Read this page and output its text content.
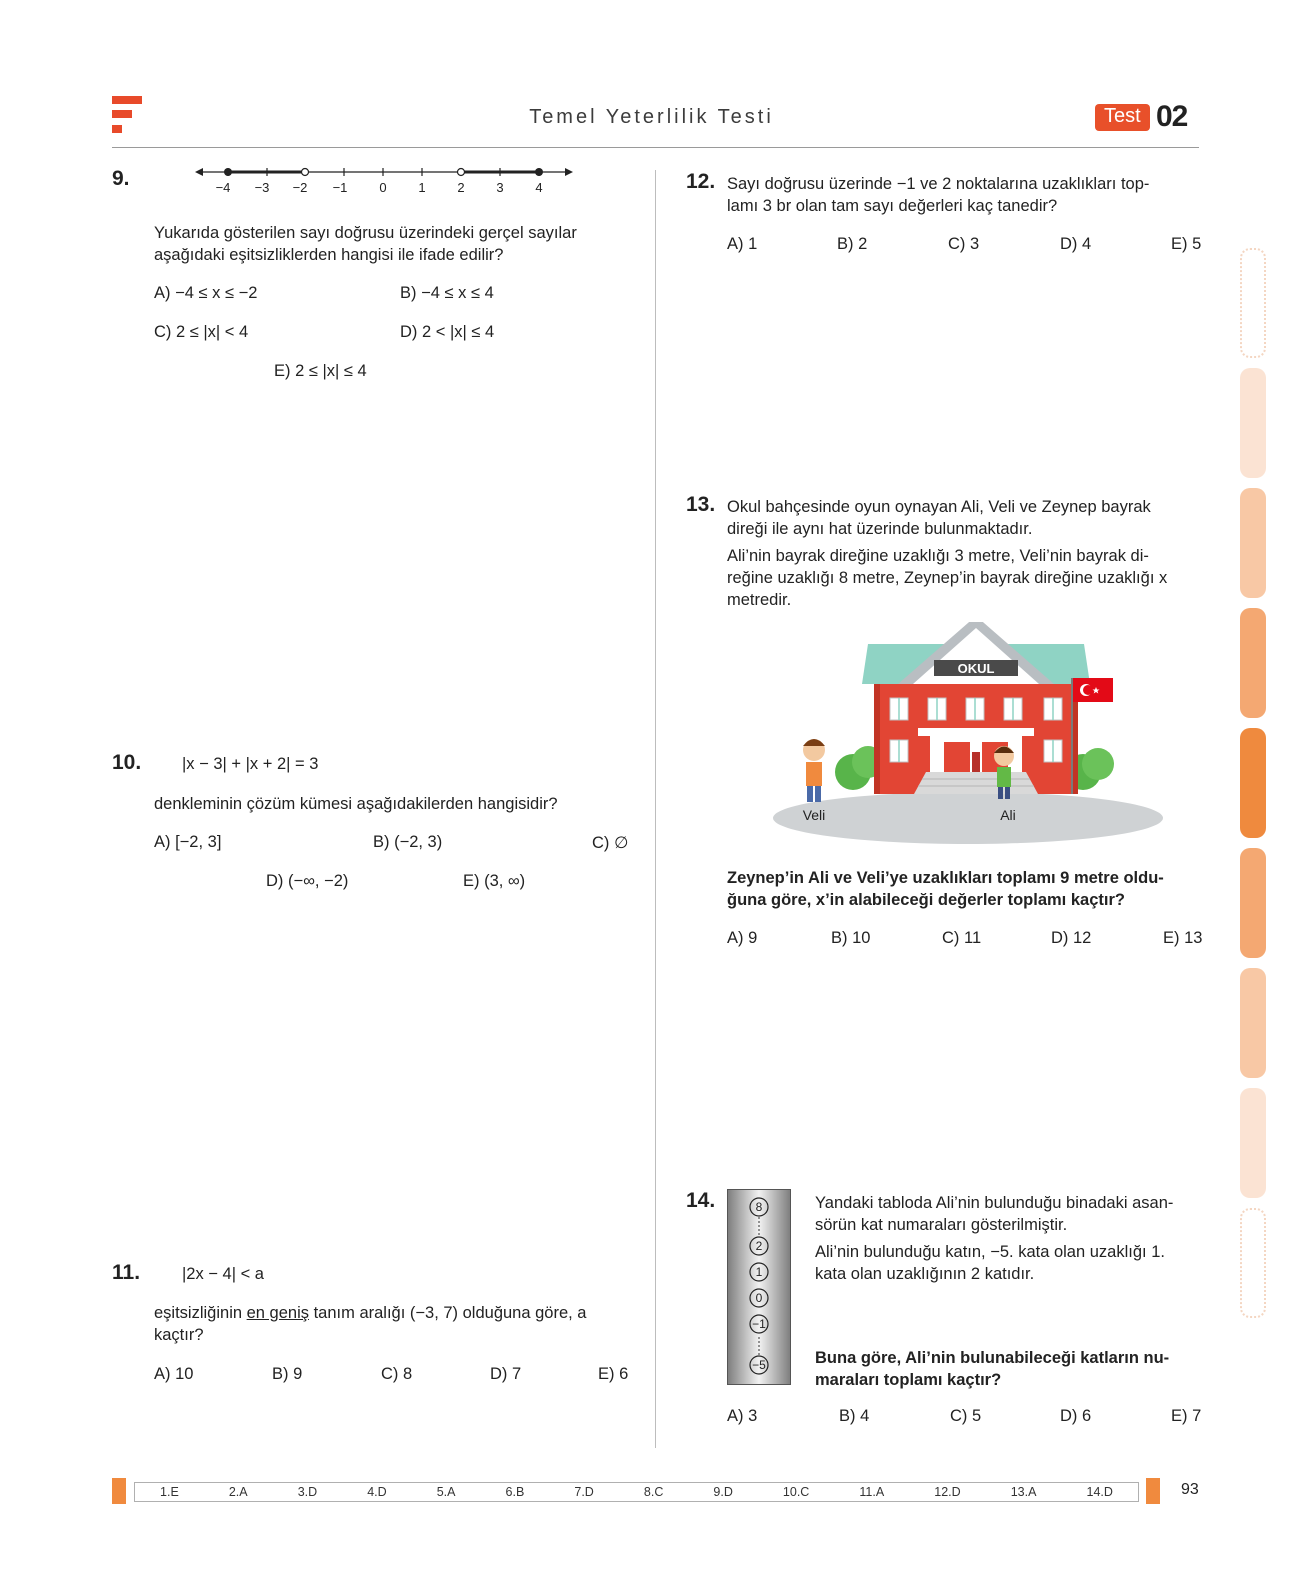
Temel Yeterlilik Testi	Test 02
9.	−4 −3 −2 −1 0 1 2 3 4
Yukarıda gösterilen sayı doğrusu üzerindeki gerçel sayılar
aşağıdaki eşitsizliklerden hangisi ile ifade edilir?
A) −4 ≤ x ≤ −2	B) −4 ≤ x ≤ 4
C) 2 ≤ |x| < 4	D) 2 < |x| ≤ 4
E) 2 ≤ |x| ≤ 4
10. |x − 3| + |x + 2| = 3
denkleminin çözüm kümesi aşağıdakilerden hangisidir?
A) [−2, 3]	B) (−2, 3)	C) ∅
D) (−∞, −2)	E) (3, ∞)
11.	|2x − 4| < a
eşitsizliğinin en geniş tanım aralığı (−3, 7) olduğuna göre, a
kaçtır?
A) 10	B) 9	C) 8	D) 7	E) 6
12. Sayı doğrusu üzerinde −1 ve 2 noktalarına uzaklıkları top-
lamı 3 br olan tam sayı değerleri kaç tanedir?
A) 1	B) 2	C) 3	D) 4	E) 5
13. Okul bahçesinde oyun oynayan Ali, Veli ve Zeynep bayrak
direği ile aynı hat üzerinde bulunmaktadır.
Ali’nin bayrak direğine uzaklığı 3 metre, Veli’nin bayrak di-
reğine uzaklığı 8 metre, Zeynep’in bayrak direğine uzaklığı x
metredir.
OKUL
Veli	Ali
Zeynep’in Ali ve Veli’ye uzaklıkları toplamı 9 metre oldu-
ğuna göre, x’in alabileceği değerler toplamı kaçtır?
A) 9	B) 10	C) 11	D) 12	E) 13
14.	8
2
1
0
−1
−5
Yandaki tabloda Ali’nin bulunduğu binadaki asan-
sörün kat numaraları gösterilmiştir.
Ali’nin bulunduğu katın, −5. kata olan uzaklığı 1.
kata olan uzaklığının 2 katıdır.
Buna göre, Ali’nin bulunabileceği katların nu-
maraları toplamı kaçtır?
A) 3	B) 4	C) 5	D) 6	E) 7
1.E	2.A	3.D	4.D	5.A	6.B	7.D	8.C	9.D	10.C	11.A	12.D	13.A	14.D	93
